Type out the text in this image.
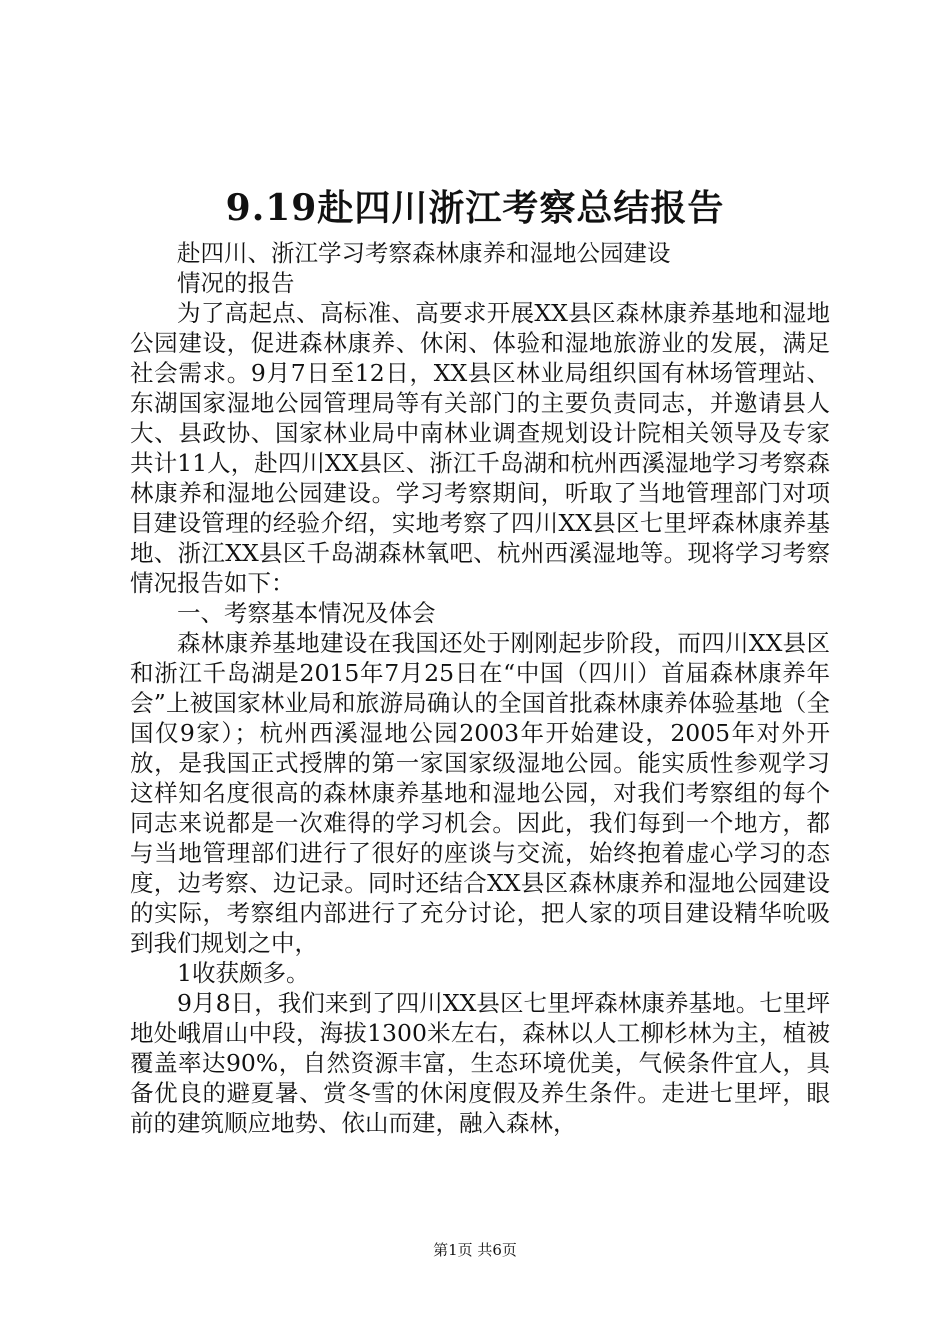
9.19赴四川浙江考察总结报告

赴四川、浙江学习考察森林康养和湿地公园建设

情况的报告

为了高起点、高标准、高要求开展XX县区森林康养基地和湿地公园建设，促进森林康养、休闲、体验和湿地旅游业的发展，满足社会需求。9月7日至12日，XX县区林业局组织国有林场管理站、东湖国家湿地公园管理局等有关部门的主要负责同志，并邀请县人大、县政协、国家林业局中南林业调查规划设计院相关领导及专家共计11人，赴四川XX县区、浙江千岛湖和杭州西溪湿地学习考察森林康养和湿地公园建设。学习考察期间，听取了当地管理部门对项目建设管理的经验介绍，实地考察了四川XX县区七里坪森林康养基地、浙江XX县区千岛湖森林氧吧、杭州西溪湿地等。现将学习考察情况报告如下：

一、考察基本情况及体会

森林康养基地建设在我国还处于刚刚起步阶段，而四川XX县区和浙江千岛湖是2015年7月25日在“中国（四川）首届森林康养年会”上被国家林业局和旅游局确认的全国首批森林康养体验基地（全国仅9家）；杭州西溪湿地公园2003年开始建设，2005年对外开放，是我国正式授牌的第一家国家级湿地公园。能实质性参观学习这样知名度很高的森林康养基地和湿地公园，对我们考察组的每个同志来说都是一次难得的学习机会。因此，我们每到一个地方，都与当地管理部们进行了很好的座谈与交流，始终抱着虚心学习的态度，边考察、边记录。同时还结合XX县区森林康养和湿地公园建设的实际，考察组内部进行了充分讨论，把人家的项目建设精华吮吸到我们规划之中，

1收获颇多。

9月8日，我们来到了四川XX县区七里坪森林康养基地。七里坪地处峨眉山中段，海拔1300米左右，森林以人工柳杉林为主，植被覆盖率达90%，自然资源丰富，生态环境优美，气候条件宜人，具备优良的避夏暑、赏冬雪的休闲度假及养生条件。走进七里坪，眼前的建筑顺应地势、依山而建，融入森林，

第1页 共6页
